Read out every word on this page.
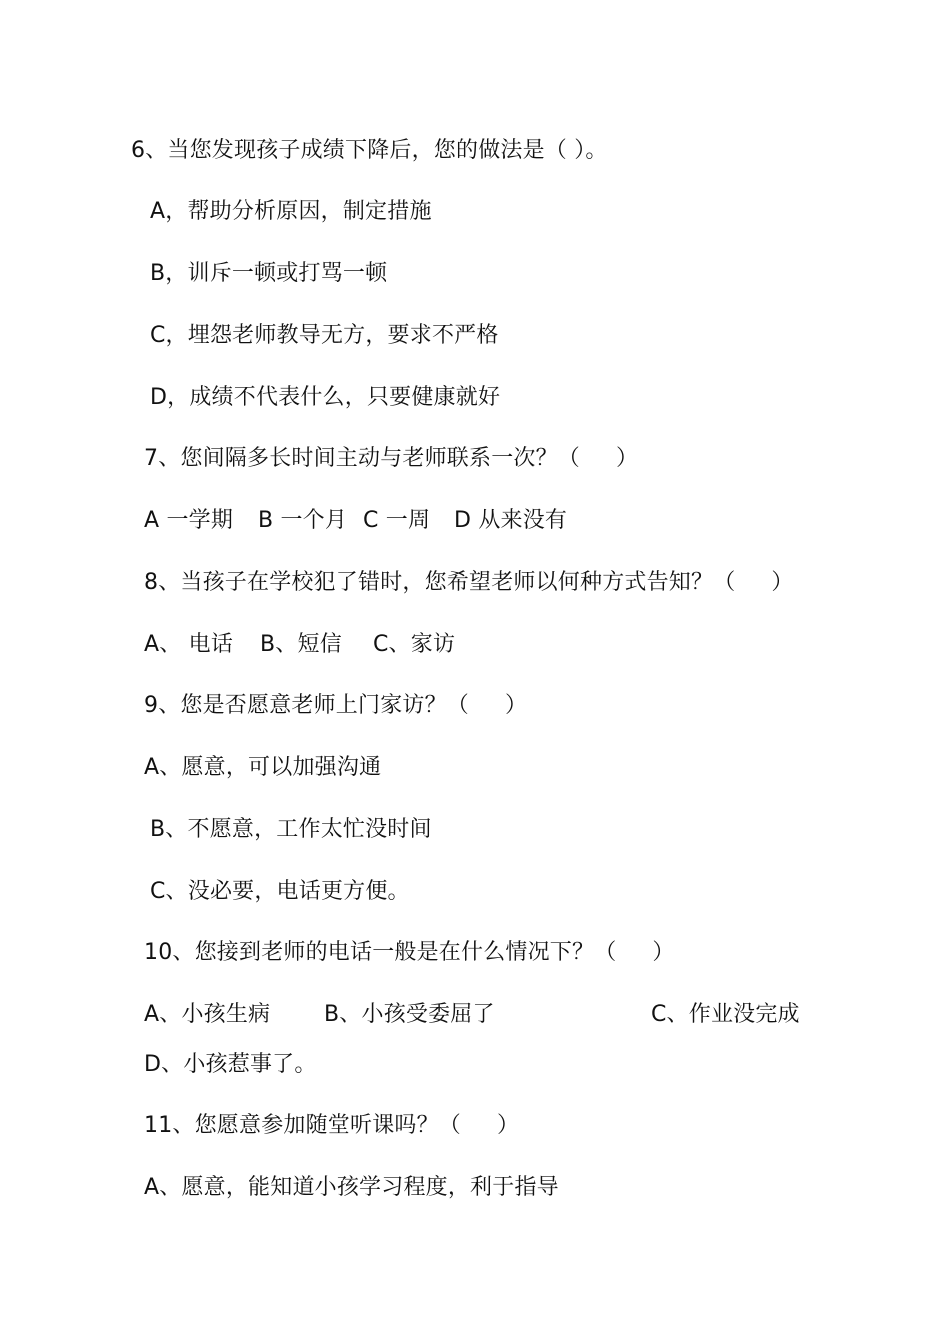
6、当您发现孩子成绩下降后，您的做法是（ ）。
A，帮助分析原因，制定措施
B，训斥一顿或打骂一顿
C，埋怨老师教导无方，要求不严格
D，成绩不代表什么，只要健康就好
7、您间隔多长时间主动与老师联系一次？（     ）
A 一学期 B 一个月 C 一周 D 从来没有
8、当孩子在学校犯了错时，您希望老师以何种方式告知？（     ）
A、 电话 B、短信 C、家访
9、您是否愿意老师上门家访？（     ）
A、愿意，可以加强沟通
B、不愿意，工作太忙没时间
C、没必要，电话更方便。
10、您接到老师的电话一般是在什么情况下？（     ）
A、小孩生病 B、小孩受委屈了	C、作业没完成
D、小孩惹事了。
11、您愿意参加随堂听课吗？（     ）
A、愿意，能知道小孩学习程度，利于指导
